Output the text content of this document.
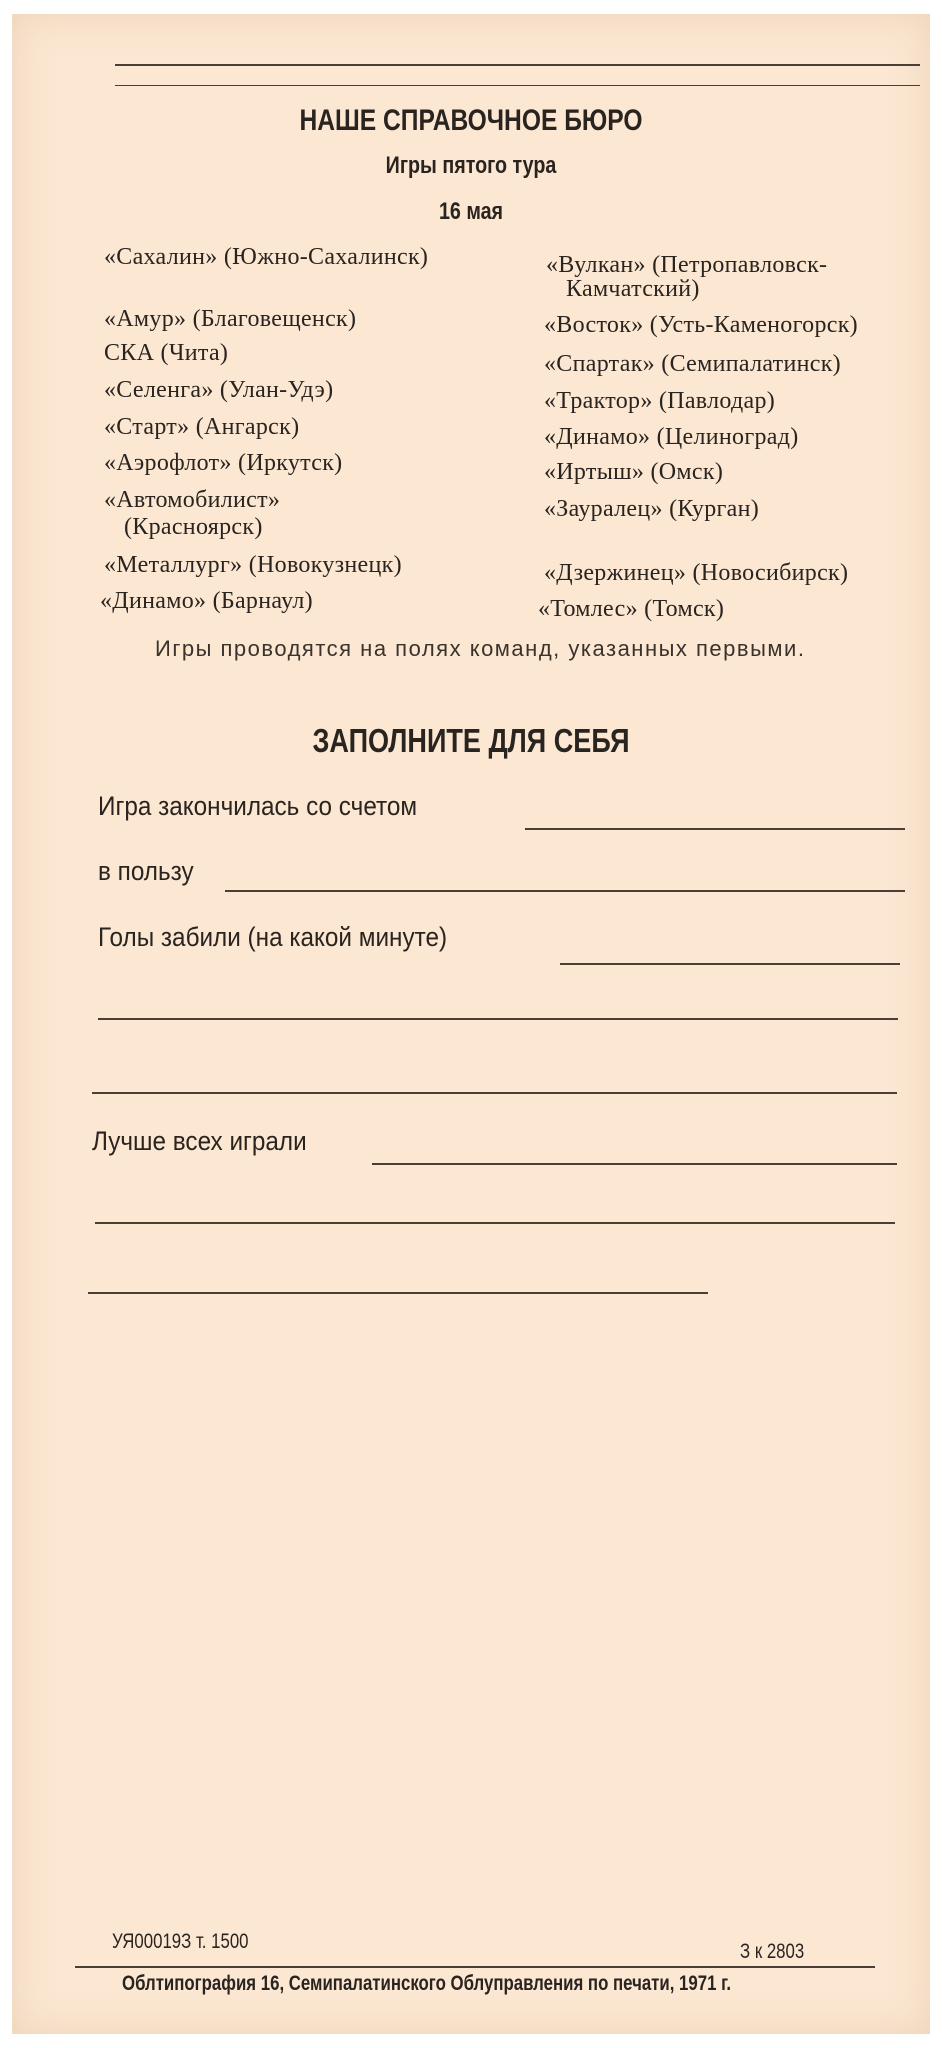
НАШЕ СПРАВОЧНОЕ БЮРО
Игры пятого тура
16 мая
«Сахалин» (Южно-Сахалинск)
«Амур» (Благовещенск)
СКА (Чита)
«Селенга» (Улан-Удэ)
«Старт» (Ангарск)
«Аэрофлот» (Иркутск)
«Автомобилист»
(Красноярск)
«Металлург» (Новокузнецк)
«Динамо» (Барнаул)
«Вулкан» (Петропавловск-
Камчатский)
«Восток» (Усть-Каменогорск)
«Спартак» (Семипалатинск)
«Трактор» (Павлодар)
«Динамо» (Целиноград)
«Иртыш» (Омск)
«Зауралец» (Курган)
«Дзержинец» (Новосибирск)
«Томлес» (Томск)
Игры проводятся на полях команд, указанных первыми.
ЗАПОЛНИТЕ ДЛЯ СЕБЯ
Игра закончилась со счетом
в пользу
Голы забили (на какой минуте)
Лучше всех играли
УЯ00019З т. 1500	З к 2803
Облтипография 16, Семипалатинского Облуправления по печати, 1971 г.
